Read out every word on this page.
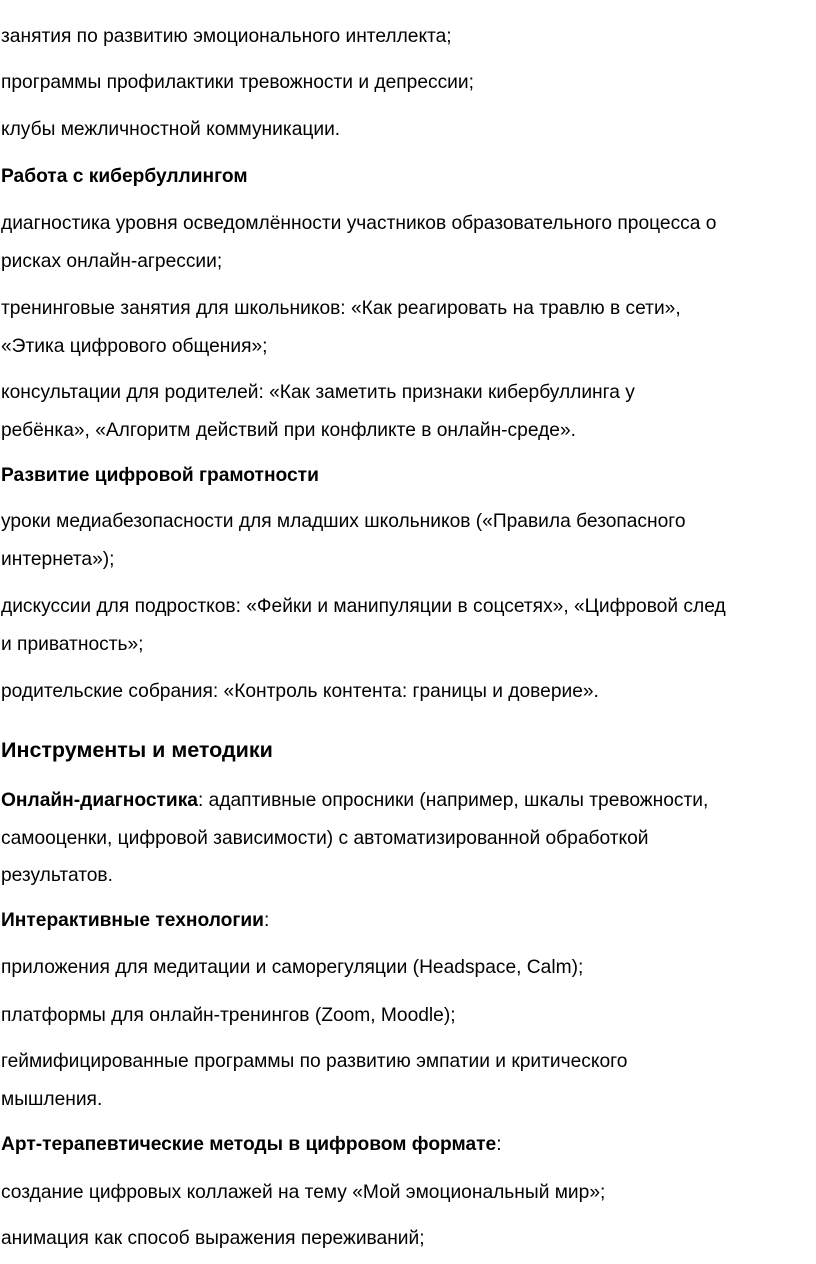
занятия по развитию эмоционального интеллекта;

программы профилактики тревожности и депрессии;

клубы межличностной коммуникации.

Работа с кибербуллингом

диагностика уровня осведомлённости участников образовательного процесса о

рисках онлайн-агрессии;

тренинговые занятия для школьников: «Как реагировать на травлю в сети»,

«Этика цифрового общения»;

консультации для родителей: «Как заметить признаки кибербуллинга у

ребёнка», «Алгоритм действий при конфликте в онлайн-среде».

Развитие цифровой грамотности

уроки медиабезопасности для младших школьников («Правила безопасного

интернета»);

дискуссии для подростков: «Фейки и манипуляции в соцсетях», «Цифровой след

и приватность»;

родительские собрания: «Контроль контента: границы и доверие».

Инструменты и методики

Онлайн-диагностика: адаптивные опросники (например, шкалы тревожности,

самооценки, цифровой зависимости) с автоматизированной обработкой

результатов.

Интерактивные технологии:

приложения для медитации и саморегуляции (Headspace, Calm);

платформы для онлайн-тренингов (Zoom, Moodle);

геймифицированные программы по развитию эмпатии и критического

мышления.

Арт-терапевтические методы в цифровом формате:

создание цифровых коллажей на тему «Мой эмоциональный мир»;

анимация как способ выражения переживаний;
